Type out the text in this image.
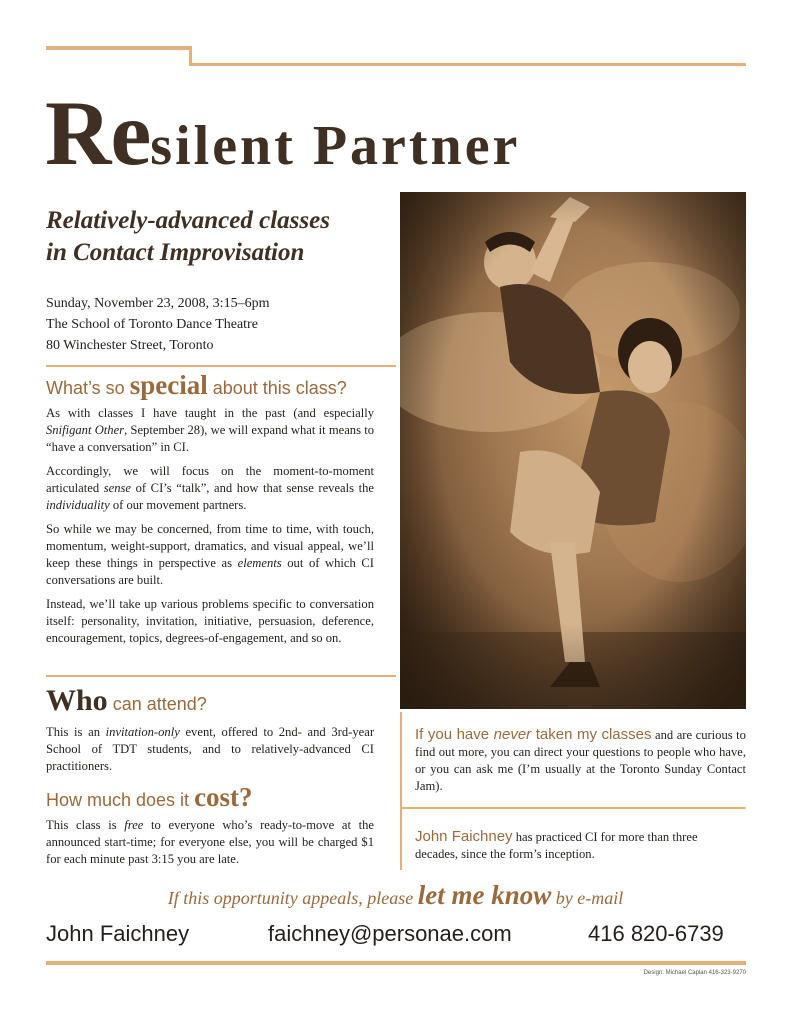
Resilent Partner
Relatively-advanced classes
in Contact Improvisation
Sunday, November 23, 2008, 3:15–6pm
The School of Toronto Dance Theatre
80 Winchester Street, Toronto
What’s so special about this class?

As with classes I have taught in the past (and especially Snifigant Other, September 28), we will expand what it means to “have a conversation” in CI.

Accordingly, we will focus on the moment-to-moment articulated sense of CI’s “talk”, and how that sense reveals the individuality of our movement partners.

So while we may be concerned, from time to time, with touch, momentum, weight-support, dramatics, and visual appeal, we’ll keep these things in perspective as elements out of which CI conversations are built.

Instead, we’ll take up various problems specific to conversation itself: personality, invitation, initiative, persuasion, deference, encouragement, topics, degrees-of-engagement, and so on.

Who can attend?

This is an invitation-only event, offered to 2nd- and 3rd-year School of TDT students, and to relatively-advanced CI practitioners.

How much does it cost?

This class is free to everyone who’s ready-to-move at the announced start-time; for everyone else, you will be charged $1 for each minute past 3:15 you are late.

If you have never taken my classes and are curious to find out more, you can direct your questions to people who have, or you can ask me (I’m usually at the Toronto Sunday Contact Jam).
John Faichney has practiced CI for more than three decades, since the form’s inception.
If this opportunity appeals, please let me know by e-mail
John Faichney	faichney@personae.com	416 820-6739
Design: Michael Caplan 416-323-9270
